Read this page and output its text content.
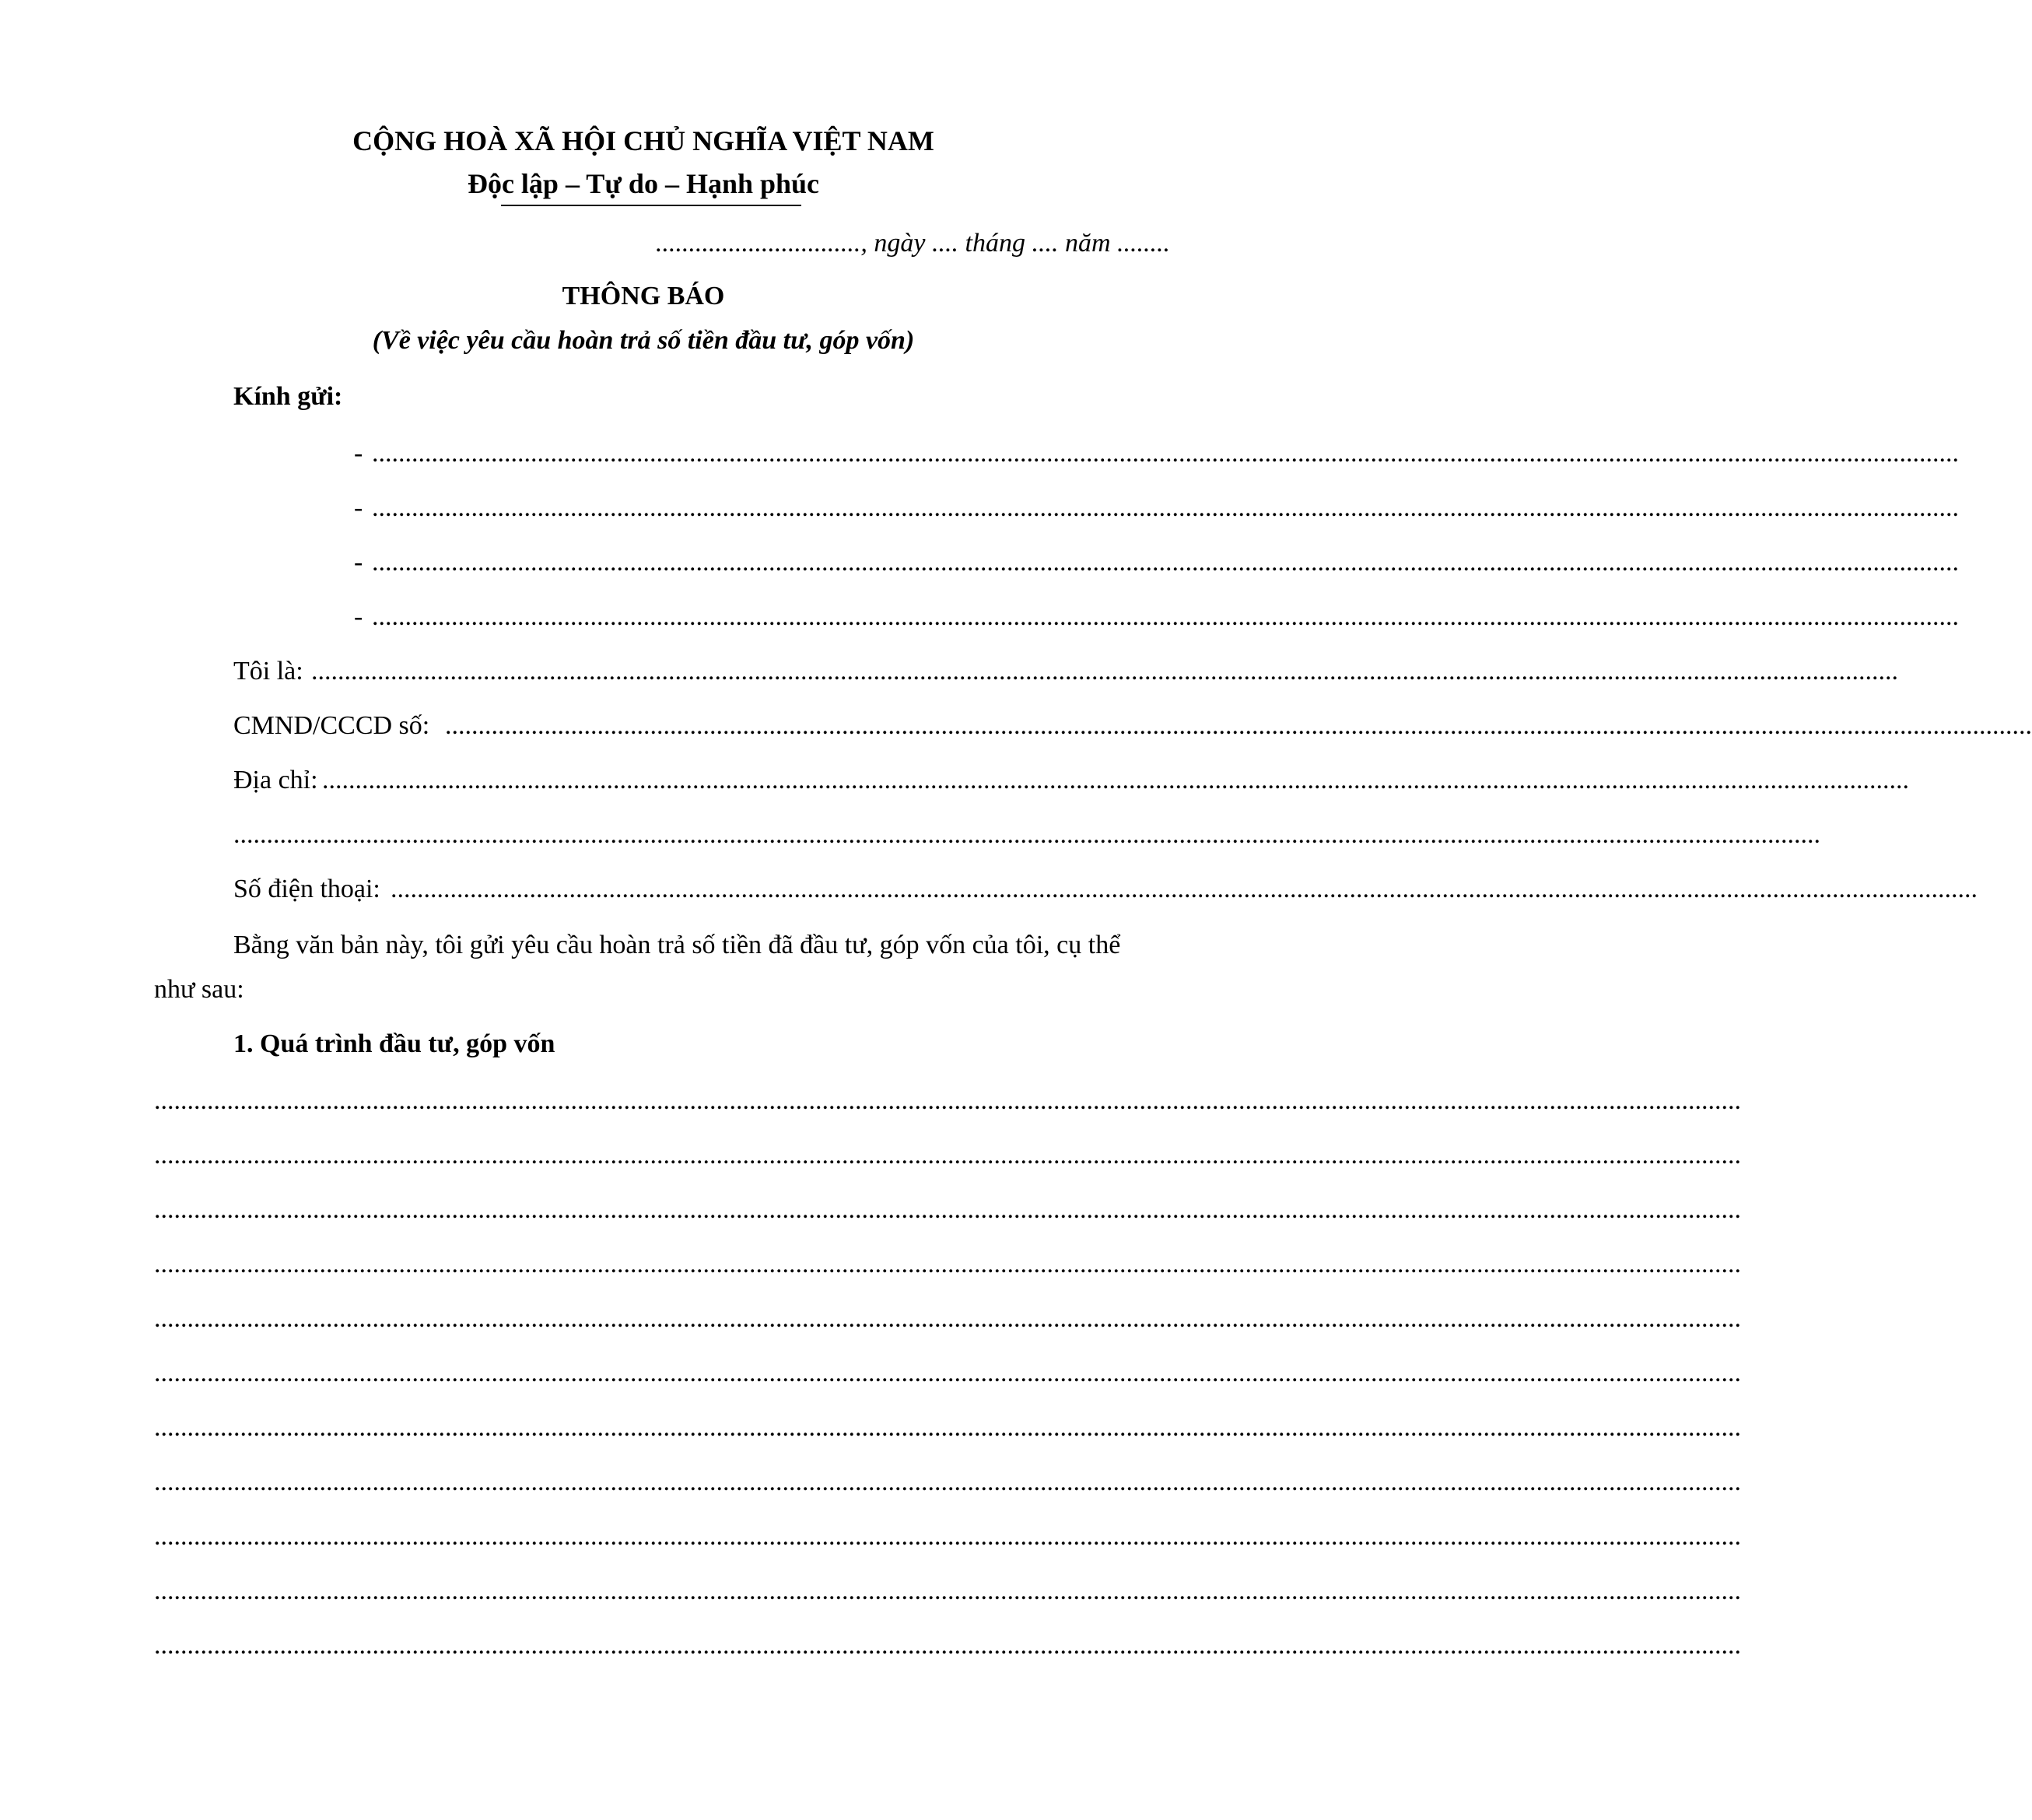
CỘNG HOÀ XÃ HỘI CHỦ NGHĨA VIỆT NAM
Độc lập – Tự do – Hạnh phúc
..............................., ngày .... tháng .... năm ........
THÔNG BÁO
(Về việc yêu cầu hoàn trả số tiền đầu tư, góp vốn)
Kính gửi:
- ................................................................................................................................................................................................................................................
- ................................................................................................................................................................................................................................................
- ................................................................................................................................................................................................................................................
- ................................................................................................................................................................................................................................................
Tôi là: ................................................................................................................................................................................................................................................
CMND/CCCD số: ................................................................................................................................................................................................................................................
Địa chỉ: ................................................................................................................................................................................................................................................
................................................................................................................................................................................................................................................
Số điện thoại: ................................................................................................................................................................................................................................................
Bằng văn bản này, tôi gửi yêu cầu hoàn trả số tiền đã đầu tư, góp vốn của tôi, cụ thể
như sau:
1. Quá trình đầu tư, góp vốn
................................................................................................................................................................................................................................................
................................................................................................................................................................................................................................................
................................................................................................................................................................................................................................................
................................................................................................................................................................................................................................................
................................................................................................................................................................................................................................................
................................................................................................................................................................................................................................................
................................................................................................................................................................................................................................................
................................................................................................................................................................................................................................................
................................................................................................................................................................................................................................................
................................................................................................................................................................................................................................................
................................................................................................................................................................................................................................................
